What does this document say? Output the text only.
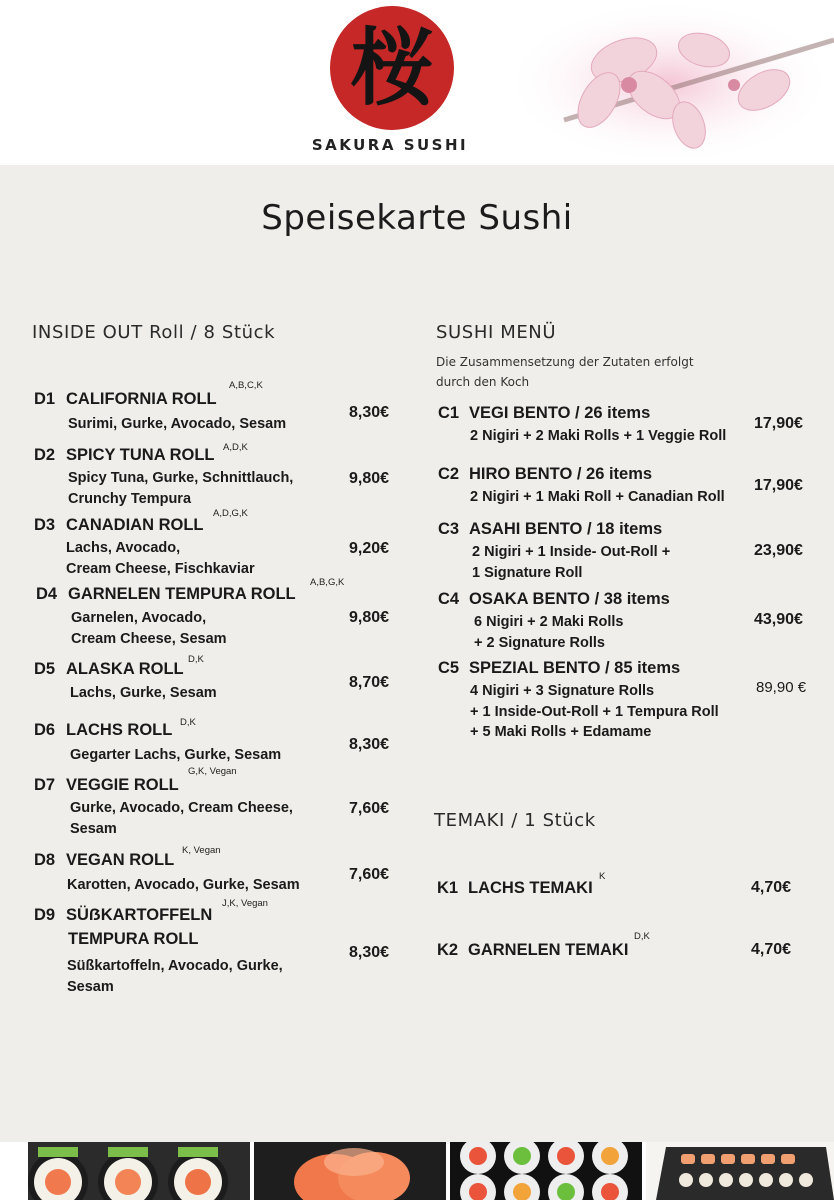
桜
SAKURA SUSHI
Speisekarte Sushi
INSIDE OUT Roll / 8 Stück
D1 CALIFORNIA ROLL
A,B,C,K
Surimi, Gurke, Avocado, Sesam
8,30€
D2 SPICY TUNA ROLL A,D,K
Spicy Tuna, Gurke, Schnittlauch,
Crunchy Tempura
9,80€
D3 CANADIAN ROLL
A,D,G,K
Lachs, Avocado,
Cream Cheese, Fischkaviar
9,20€
D4 GARNELEN TEMPURA ROLL
A,B,G,K
Garnelen, Avocado,
Cream Cheese, Sesam
9,80€
D5 ALASKA ROLL
D,K
Lachs, Gurke, Sesam
8,70€
D6 LACHS ROLL D,K
Gegarter Lachs, Gurke, Sesam
8,30€
D7 VEGGIE ROLL
G,K, Vegan
Gurke, Avocado, Cream Cheese,
Sesam
7,60€
D8 VEGAN ROLL
K, Vegan
Karotten, Avocado, Gurke, Sesam
7,60€
D9 SÜẞKARTOFFELN
TEMPURA ROLL
J,K, Vegan
Süßkartoffeln, Avocado, Gurke,
Sesam
8,30€
SUSHI MENÜ
Die Zusammensetzung der Zutaten erfolgt
durch den Koch
C1 VEGI BENTO / 26 items
2 Nigiri + 2 Maki Rolls + 1 Veggie Roll
17,90€
C2 HIRO BENTO / 26 items
2 Nigiri + 1 Maki Roll + Canadian Roll
17,90€
C3 ASAHI BENTO / 18 items
2 Nigiri + 1 Inside- Out-Roll +
1 Signature Roll
23,90€
C4 OSAKA BENTO / 38 items
6 Nigiri + 2 Maki Rolls
+ 2 Signature Rolls
43,90€
C5 SPEZIAL BENTO / 85 items
4 Nigiri + 3 Signature Rolls
+ 1 Inside-Out-Roll + 1 Tempura Roll
+ 5 Maki Rolls + Edamame
89,90 €
TEMAKI / 1 Stück
K1 LACHS TEMAKI
K
4,70€
K2 GARNELEN TEMAKI
D,K
4,70€
